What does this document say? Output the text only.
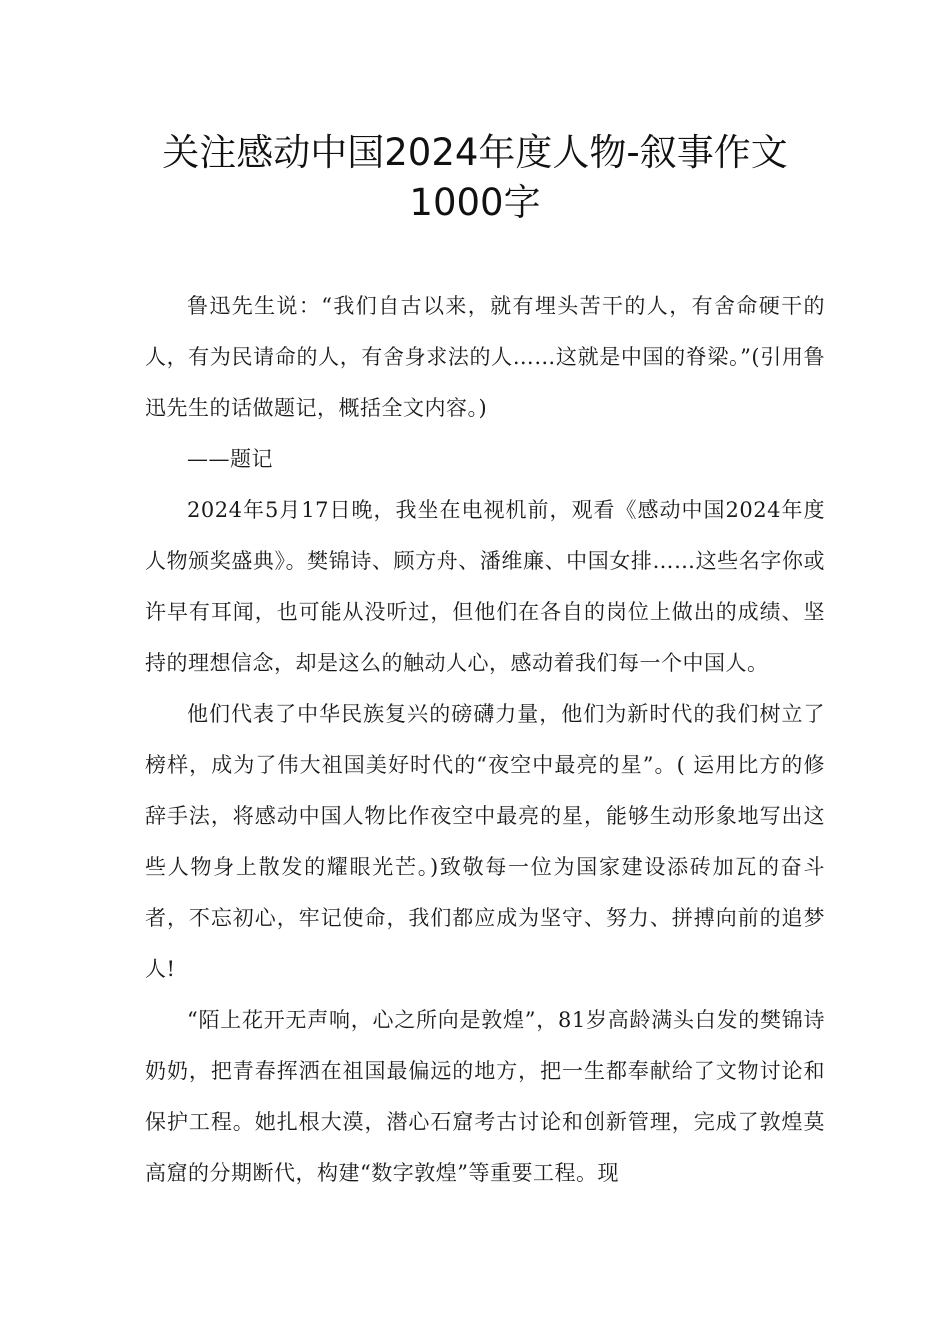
关注感动中国2024年度人物-叙事作文1000字

鲁迅先生说：“我们自古以来，就有埋头苦干的人，有舍命硬干的人，有为民请命的人，有舍身求法的人……这就是中国的脊梁。”(引用鲁迅先生的话做题记，概括全文内容。)

——题记

2024年5月17日晚，我坐在电视机前，观看《感动中国2024年度人物颁奖盛典》。樊锦诗、顾方舟、潘维廉、中国女排……这些名字你或许早有耳闻，也可能从没听过，但他们在各自的岗位上做出的成绩、坚持的理想信念，却是这么的触动人心，感动着我们每一个中国人。

他们代表了中华民族复兴的磅礴力量，他们为新时代的我们树立了榜样，成为了伟大祖国美好时代的“夜空中最亮的星”。( 运用比方的修辞手法，将感动中国人物比作夜空中最亮的星，能够生动形象地写出这些人物身上散发的耀眼光芒。)致敬每一位为国家建设添砖加瓦的奋斗者，不忘初心，牢记使命，我们都应成为坚守、努力、拼搏向前的追梦人!

“陌上花开无声响，心之所向是敦煌”，81岁高龄满头白发的樊锦诗奶奶，把青春挥洒在祖国最偏远的地方，把一生都奉献给了文物讨论和保护工程。她扎根大漠，潜心石窟考古讨论和创新管理，完成了敦煌莫高窟的分期断代，构建“数字敦煌”等重要工程。现
